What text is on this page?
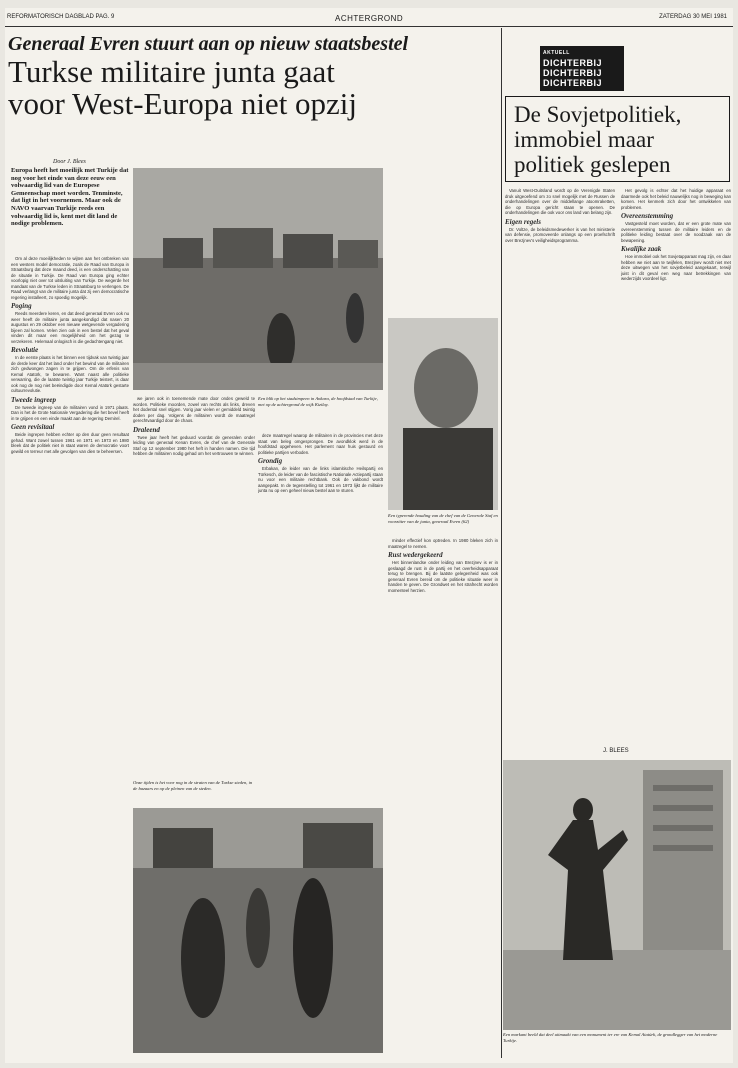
REFORMATORISCH DAGBLAD PAG. 9	ACHTERGROND	ZATERDAG 30 MEI 1981
Generaal Evren stuurt aan op nieuw staatsbestel
Turkse militaire junta gaat
voor West-Europa niet opzij
AKTUELL
DICHTERBIJ
DICHTERBIJ
DICHTERBIJ
De Sovjetpolitiek, immobiel maar politiek geslepen
Door J. Blees
Europa heeft het moeilijk met Turkije dat nog voor het einde van deze eeuw een volwaardig lid van de Europese Gemeenschap moet worden. Tenminste, dat ligt in het voornemen. Maar ook de NAVO vaarvan Turkije reeds een volwaardig lid is, kent met dit land de nodige problemen.

Om al deze moeilijkheden te wijten aan het ontbreken van een westers model democratie, zoals de Raad van Europa in Straatsburg dat deze maand deed, is een onderschatting van de situatie in Turkije. De Raad van Europa ging echter voorlopig niet over tot uitsluiting van Turkije. De wegerde het mandaat van de Turkse leden in Straatsburg te verlengen. De Raad verlangt van de militaire junta dat zij een democratische regering installeert, zo spoedig mogelijk.

Poging

Reeds meerdere keren, en dat deed generaal Evren ook nu weer heeft de militaire junta aangekondigd dat nasen 20 augustus en 29 oktober een nieuwe wetgevende vergadering bijeen zal komen. Velen zien ook in een bestel dat het geval vinden dit maar een mogelijkheid om het gezag te verzekeren. Helemaal onlogisch is die gedachtengang niet.

Revolutie

In de eerste plaats is het binnen een tijdvak van twintig jaar de derde keer dat het land onder het bewind van de militairen zich gedwongen zagen in te grijpen. Om de erfenis van Kemal Atatürk, te bewaren. Want naast alle politieke verwarring, die de laatste twintig jaar Turkije teistert, is daar ook nog de nog niet beëindigde door Kemal Atatürk gestarte cultuurrevolutie.

Tweede ingreep

De tweede ingreep van de militairen vond in 1971 plaats. Dan is het de Grote Nationale Vergadering die het bevel heeft in te grijpen en een einde maakt aan de regering Demirel.

Geen revisitaal

Beide ingrepen hebben echter op den duur geen resultaat gehad. Want zowel tussen 1961 en 1971 en 1973 en 1980 bleek dat de politiek niet in staat waren de democratie voort gewild en terreur met alle gevolgen van dien te beheersen.

we jaren ook in toenemende mate door ondes geweld te worden. Politieke moorden, zowel van rechts als links, dreven het dodental snel stijgen. Vorig jaar vielen er gemiddeld twintig doden per dag. Volgens de militairen wordt de maatregel gerechtvaardigd door de chaos.

Draleend

Twee jaar heeft het geduurd voordat de generalen onder leiding van generaal Kenan Evren, de chef van de Generale Staf op 12 september 1980 het heft in handen namen. Die tijd hebben de militairen nodig gehad om het vertrouwen te winnen.

Onze tijden is het voor nog in de straten van de Turkse steden, in de bazaars en op de pleinen van de steden.
Een blik op het stadsimpeen in Ankara, de hoofdstad van Turkije, met op de achtergrond de wijk Kizilay.

deze maatregel waarop de militairen in de provincies met deze staat van beleg omgesprongen. De avondklok werd in de hoofdstad opgeheven. Het parlement naar huis gestuurd en politieke partijen verboden.

Grondig

Erbakan, de leider van de links islamitische Heilspartij en Türkesch, de leider van de fascistische Nationale Actiepartij staan nu voor een militaire rechtbank. Ook de vakbond wordt aangepakt. In de tegenstelling tot 1961 en 1973 lijkt de militaire junta nu op een geheel nieuw bestel aan te sturen.

Een typerende houding van de chef van de Generale Staf en voorzitter van de junta, generaal Evren (62)

minder effectief kon optreden. In 1980 bleken zich in maatregel te nemen.

Rust wedergekeerd

Het binnenlandse onder leiding van Brezjnev is er in geslaagd de rust in de partij en het overheidsapparaat terug te brengen. Bij de laatste gelegenheid was ook generaal Evren bereid om de politieke situatie weer in handen te geven. De Grondwet en het strafrecht worden momenteel herzien.

Vanuit West-Duitsland wordt op de Verenigde Staten druk uitgeoefend om zo snel mogelijk met de Russen de onderhandelingen over de middellange atoomraketten, die op Europa gericht staan te openen. De onderhandelingen die ook voor ons land van belang zijn.

Eigen regels

Dr. Voltze, de beleidsmedewerker is van het ministerie van defensie, promoveerde onlangs op een proefschrift over Brezjnev's veiligheidsprogramma.

Het gevolg is echter dat het huidige apparaat en daarmede ook het beleid nauwelijks nog in beweging kan komen. Het kenmerk zich door het ontwikkelen van problemen.

Overeenstemming

Vastgesteld moet worden, dat er een grote mate van overeenstemming tussen de militaire leiders en de politieke leiding bestaat over de noodzaak van de bewapening.

Kwalijke zaak

Hoe immobiel ook het Sovjetapparaat mag zijn, en daar hebben we niet aan te twijfelen, Brezjnev wordt niet met deze uitwegen van het sovjetbeleid aangekaart, terwijl juist in dit geval een weg naar betrekkingen van wederzijds voordeel ligt.

J. BLEES
Een markant beeld dat deel uitmaakt van een monument ter ere van Kemal Atatürk, de grondlegger van het moderne Turkije.
